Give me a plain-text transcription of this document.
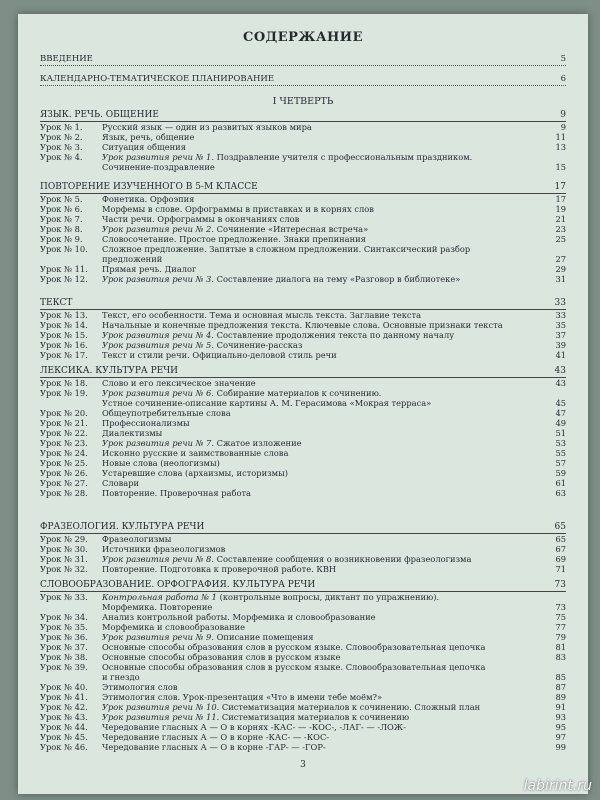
СОДЕРЖАНИЕ
ВВЕДЕНИЕ	5
КАЛЕНДАРНО-ТЕМАТИЧЕСКОЕ ПЛАНИРОВАНИЕ	6
I ЧЕТВЕРТЬ
ЯЗЫК. РЕЧЬ. ОБЩЕНИЕ	9
Урок № 1.	Русский язык — один из развитых языков мира	9
Урок № 2.	Язык, речь, общение	11
Урок № 3.	Ситуация общения	13
Урок № 4.	Урок развития речи № 1. Поздравление учителя с профессиональным праздником.
Сочинение-поздравление	15
ПОВТОРЕНИЕ ИЗУЧЕННОГО В 5-М КЛАССЕ	17
Урок № 5.	Фонетика. Орфоэпия	17
Урок № 6.	Морфемы в слове. Орфограммы в приставках и в корнях слов	19
Урок № 7.	Части речи. Орфограммы в окончаниях слов	21
Урок № 8.	Урок развития речи № 2. Сочинение «Интересная встреча»	23
Урок № 9.	Словосочетание. Простое предложение. Знаки препинания	25
Урок № 10.	Сложное предложение. Запятые в сложном предложении. Синтаксический разбор
предложений	27
Урок № 11.	Прямая речь. Диалог	29
Урок № 12.	Урок развития речи № 3. Составление диалога на тему «Разговор в библиотеке»	31
ТЕКСТ	33
Урок № 13.	Текст, его особенности. Тема и основная мысль текста. Заглавие текста	33
Урок № 14.	Начальные и конечные предложения текста. Ключевые слова. Основные признаки текста	35
Урок № 15.	Урок развития речи № 4. Составление продолжения текста по данному началу	37
Урок № 16.	Урок развития речи № 5. Сочинение-рассказ	39
Урок № 17.	Текст и стили речи. Официально-деловой стиль речи	41
ЛЕКСИКА. КУЛЬТУРА РЕЧИ	43
Урок № 18.	Слово и его лексическое значение	43
Урок № 19.	Урок развития речи № 6. Собирание материалов к сочинению.
Устное сочинение-описание картины А. М. Герасимова «Мокрая терраса»	45
Урок № 20.	Общеупотребительные слова	47
Урок № 21.	Профессионализмы	49
Урок № 22.	Диалектизмы	51
Урок № 23.	Урок развития речи № 7. Сжатое изложение	53
Урок № 24.	Исконно русские и заимствованные слова	55
Урок № 25.	Новые слова (неологизмы)	57
Урок № 26.	Устаревшие слова (архаизмы, историзмы)	59
Урок № 27.	Словари	61
Урок № 28.	Повторение. Проверочная работа	63
ФРАЗЕОЛОГИЯ. КУЛЬТУРА РЕЧИ	65
Урок № 29.	Фразеологизмы	65
Урок № 30.	Источники фразеологизмов	67
Урок № 31.	Урок развития речи № 8. Составление сообщения о возникновении фразеологизма	69
Урок № 32.	Повторение. Подготовка к проверочной работе. КВН	71
СЛОВООБРАЗОВАНИЕ. ОРФОГРАФИЯ. КУЛЬТУРА РЕЧИ	73
Урок № 33.	Контрольная работа № 1 (контрольные вопросы, диктант по упражнению).
Морфемика. Повторение	73
Урок № 34.	Анализ контрольной работы. Морфемика и словообразование	75
Урок № 35.	Морфемика и словообразование	77
Урок № 36.	Урок развития речи № 9. Описание помещения	79
Урок № 37.	Основные способы образования слов в русском языке. Словообразовательная цепочка	81
Урок № 38.	Основные способы образования слов в русском языке	83
Урок № 39.	Основные способы образования слов в русском языке. Словообразовательная цепочка
и гнездо	85
Урок № 40.	Этимология слов	87
Урок № 41.	Этимология слов. Урок-презентация «Что в имени тебе моём?»	89
Урок № 42.	Урок развития речи № 10. Систематизация материалов к сочинению. Сложный план	91
Урок № 43.	Урок развития речи № 11. Систематизация материалов к сочинению	93
Урок № 44.	Чередование гласных А — О в корнях -КАС- — -КОС-, -ЛАГ- — -ЛОЖ-	95
Урок № 45.	Чередование гласных А — О в корне -КАС- — -КОС-	97
Урок № 46.	Чередование гласных А — О в корне -ГАР- — -ГОР-	99
3
labirint.ru
